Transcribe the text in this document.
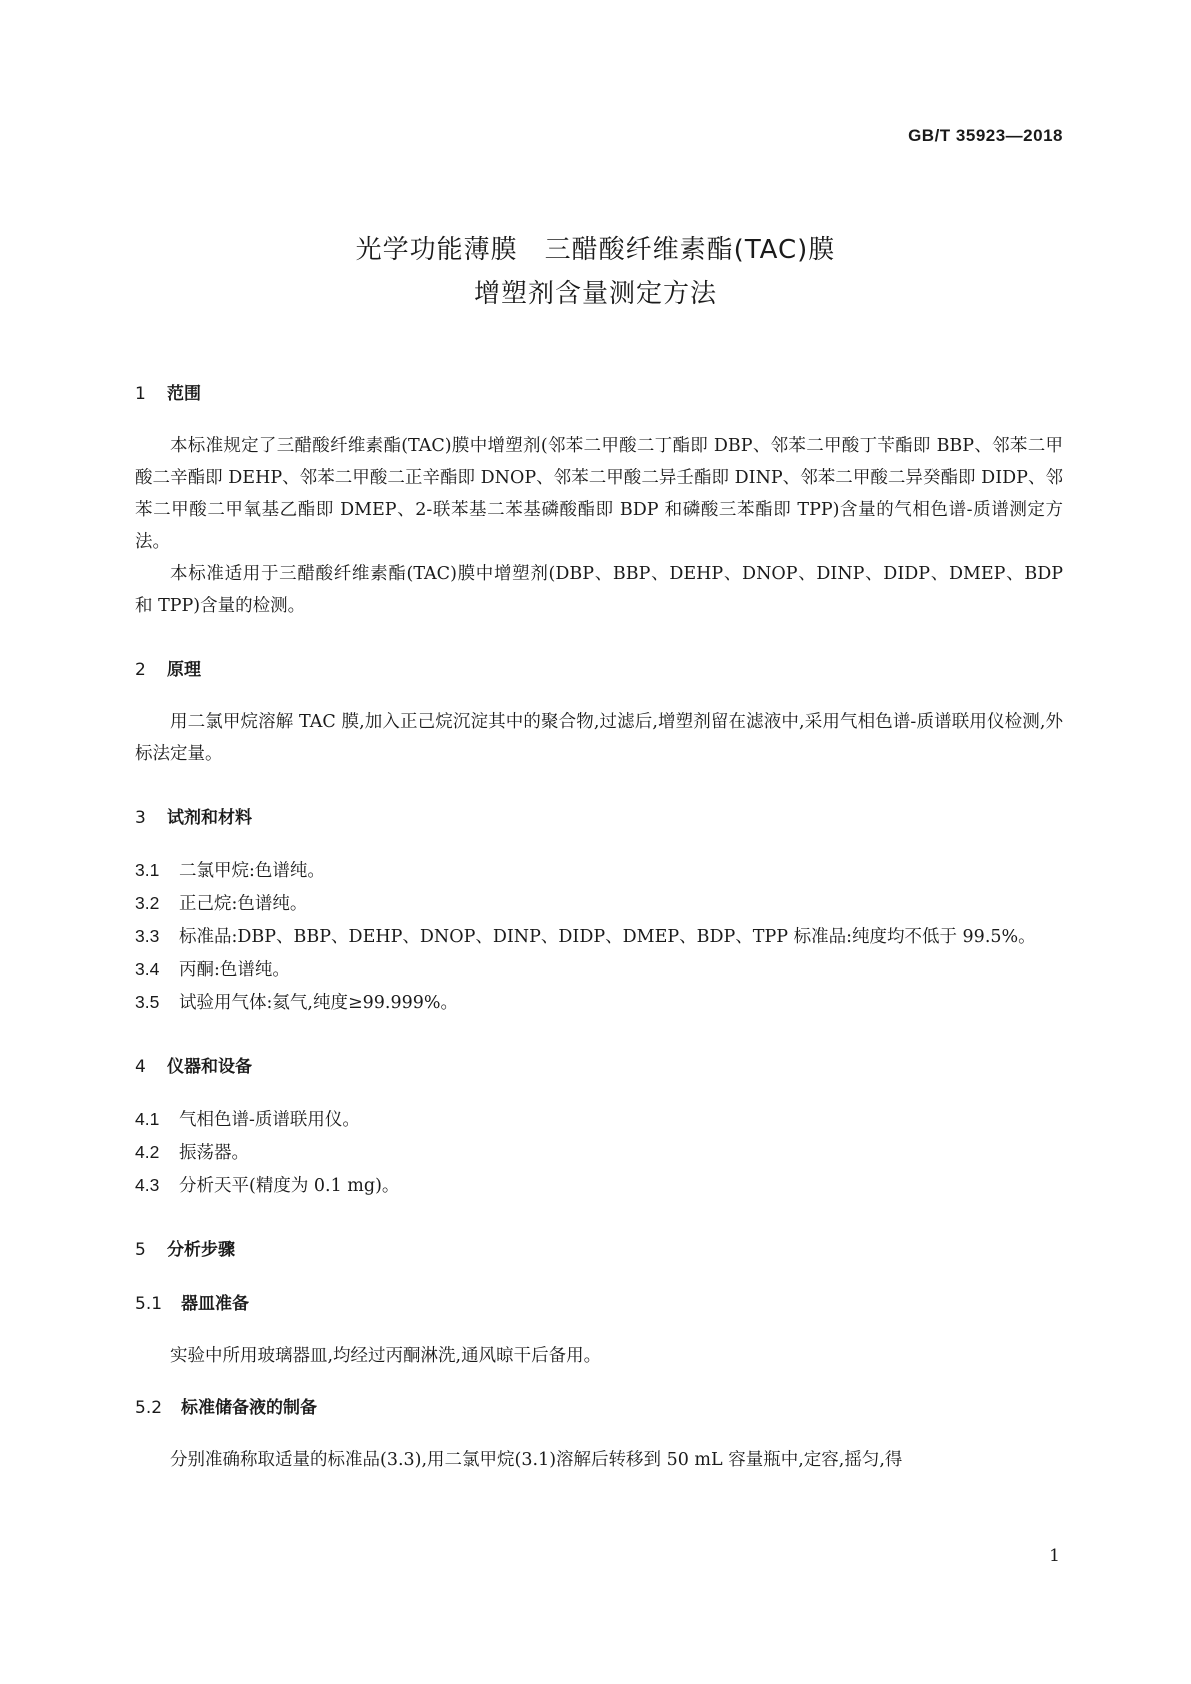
GB/T 35923—2018
光学功能薄膜　三醋酸纤维素酯(TAC)膜
增塑剂含量测定方法
1 范围

本标准规定了三醋酸纤维素酯(TAC)膜中增塑剂(邻苯二甲酸二丁酯即 DBP、邻苯二甲酸丁苄酯即 BBP、邻苯二甲酸二辛酯即 DEHP、邻苯二甲酸二正辛酯即 DNOP、邻苯二甲酸二异壬酯即 DINP、邻苯二甲酸二异癸酯即 DIDP、邻苯二甲酸二甲氧基乙酯即 DMEP、2-联苯基二苯基磷酸酯即 BDP 和磷酸三苯酯即 TPP)含量的气相色谱-质谱测定方法。

本标准适用于三醋酸纤维素酯(TAC)膜中增塑剂(DBP、BBP、DEHP、DNOP、DINP、DIDP、DMEP、BDP 和 TPP)含量的检测。

2 原理

用二氯甲烷溶解 TAC 膜,加入正己烷沉淀其中的聚合物,过滤后,增塑剂留在滤液中,采用气相色谱-质谱联用仪检测,外标法定量。

3 试剂和材料

3.1 二氯甲烷:色谱纯。

3.2 正己烷:色谱纯。

3.3 标准品:DBP、BBP、DEHP、DNOP、DINP、DIDP、DMEP、BDP、TPP 标准品:纯度均不低于 99.5%。

3.4 丙酮:色谱纯。

3.5 试验用气体:氦气,纯度≥99.999%。

4 仪器和设备

4.1 气相色谱-质谱联用仪。

4.2 振荡器。

4.3 分析天平(精度为 0.1 mg)。

5 分析步骤
5.1 器皿准备

实验中所用玻璃器皿,均经过丙酮淋洗,通风晾干后备用。

5.2 标准储备液的制备

分别准确称取适量的标准品(3.3),用二氯甲烷(3.1)溶解后转移到 50 mL 容量瓶中,定容,摇匀,得

1
